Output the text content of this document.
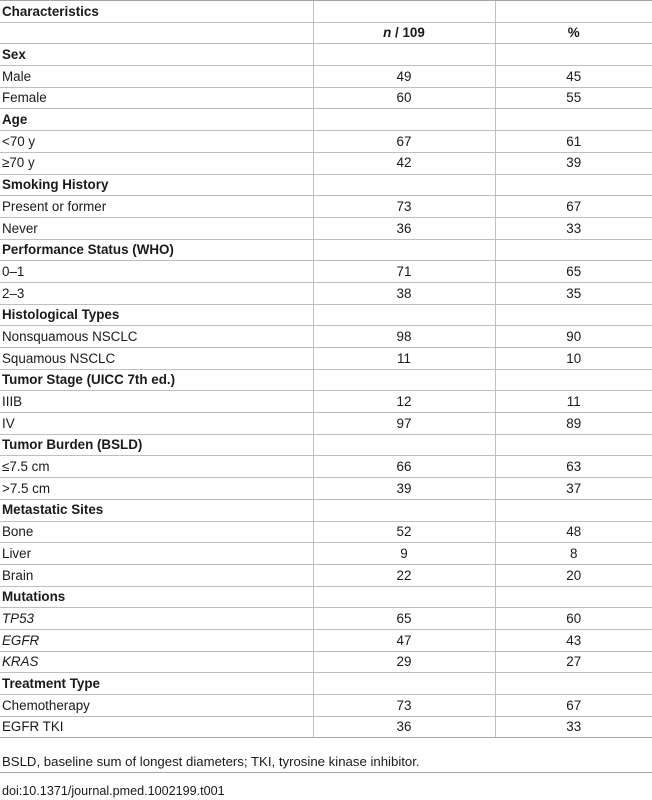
Characteristics		
	n / 109	%
Sex		
Male	49	45
Female	60	55
Age		
<70 y	67	61
≥70 y	42	39
Smoking History		
Present or former	73	67
Never	36	33
Performance Status (WHO)		
0–1	71	65
2–3	38	35
Histological Types		
Nonsquamous NSCLC	98	90
Squamous NSCLC	11	10
Tumor Stage (UICC 7th ed.)		
IIIB	12	11
IV	97	89
Tumor Burden (BSLD)		
≤7.5 cm	66	63
>7.5 cm	39	37
Metastatic Sites		
Bone	52	48
Liver	9	8
Brain	22	20
Mutations		
TP53	65	60
EGFR	47	43
KRAS	29	27
Treatment Type		
Chemotherapy	73	67
EGFR TKI	36	33
BSLD, baseline sum of longest diameters; TKI, tyrosine kinase inhibitor.
doi:10.1371/journal.pmed.1002199.t001
